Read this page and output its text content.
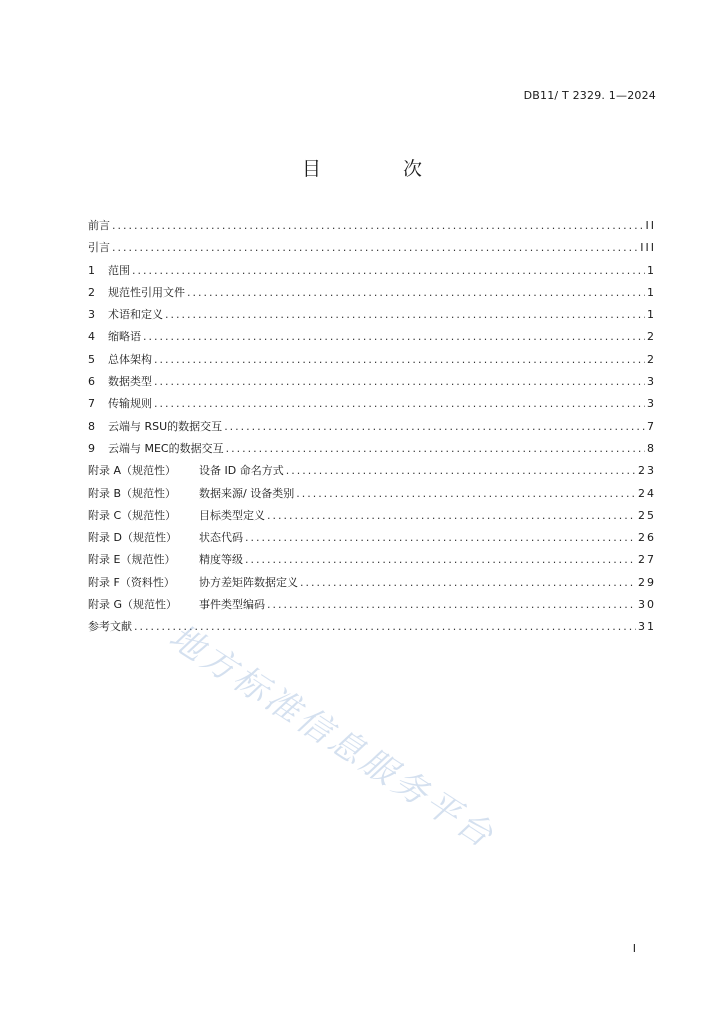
DB11/ T 2329. 1—2024
目 次
前言 .....	II
引言 .....	III
1	范围 .....	1
2	规范性引用文件 .....	1
3	术语和定义 .....	1
4	缩略语 .....	2
5	总体架构 .....	2
6	数据类型 .....	3
7	传输规则 .....	3
8	云端与 RSU的数据交互 .....	7
9	云端与 MEC的数据交互 .....	8
附录 A（规范性）	设备 ID 命名方式 .....	23
附录 B（规范性）	数据来源/ 设备类别 .....	24
附录 C（规范性）	目标类型定义 .....	25
附录 D（规范性）	状态代码 .....	26
附录 E（规范性）	精度等级 .....	27
附录 F（资料性）	协方差矩阵数据定义 .....	29
附录 G（规范性）	事件类型编码 .....	30
参考文献 .....	31
地方标准信息服务平台
I
